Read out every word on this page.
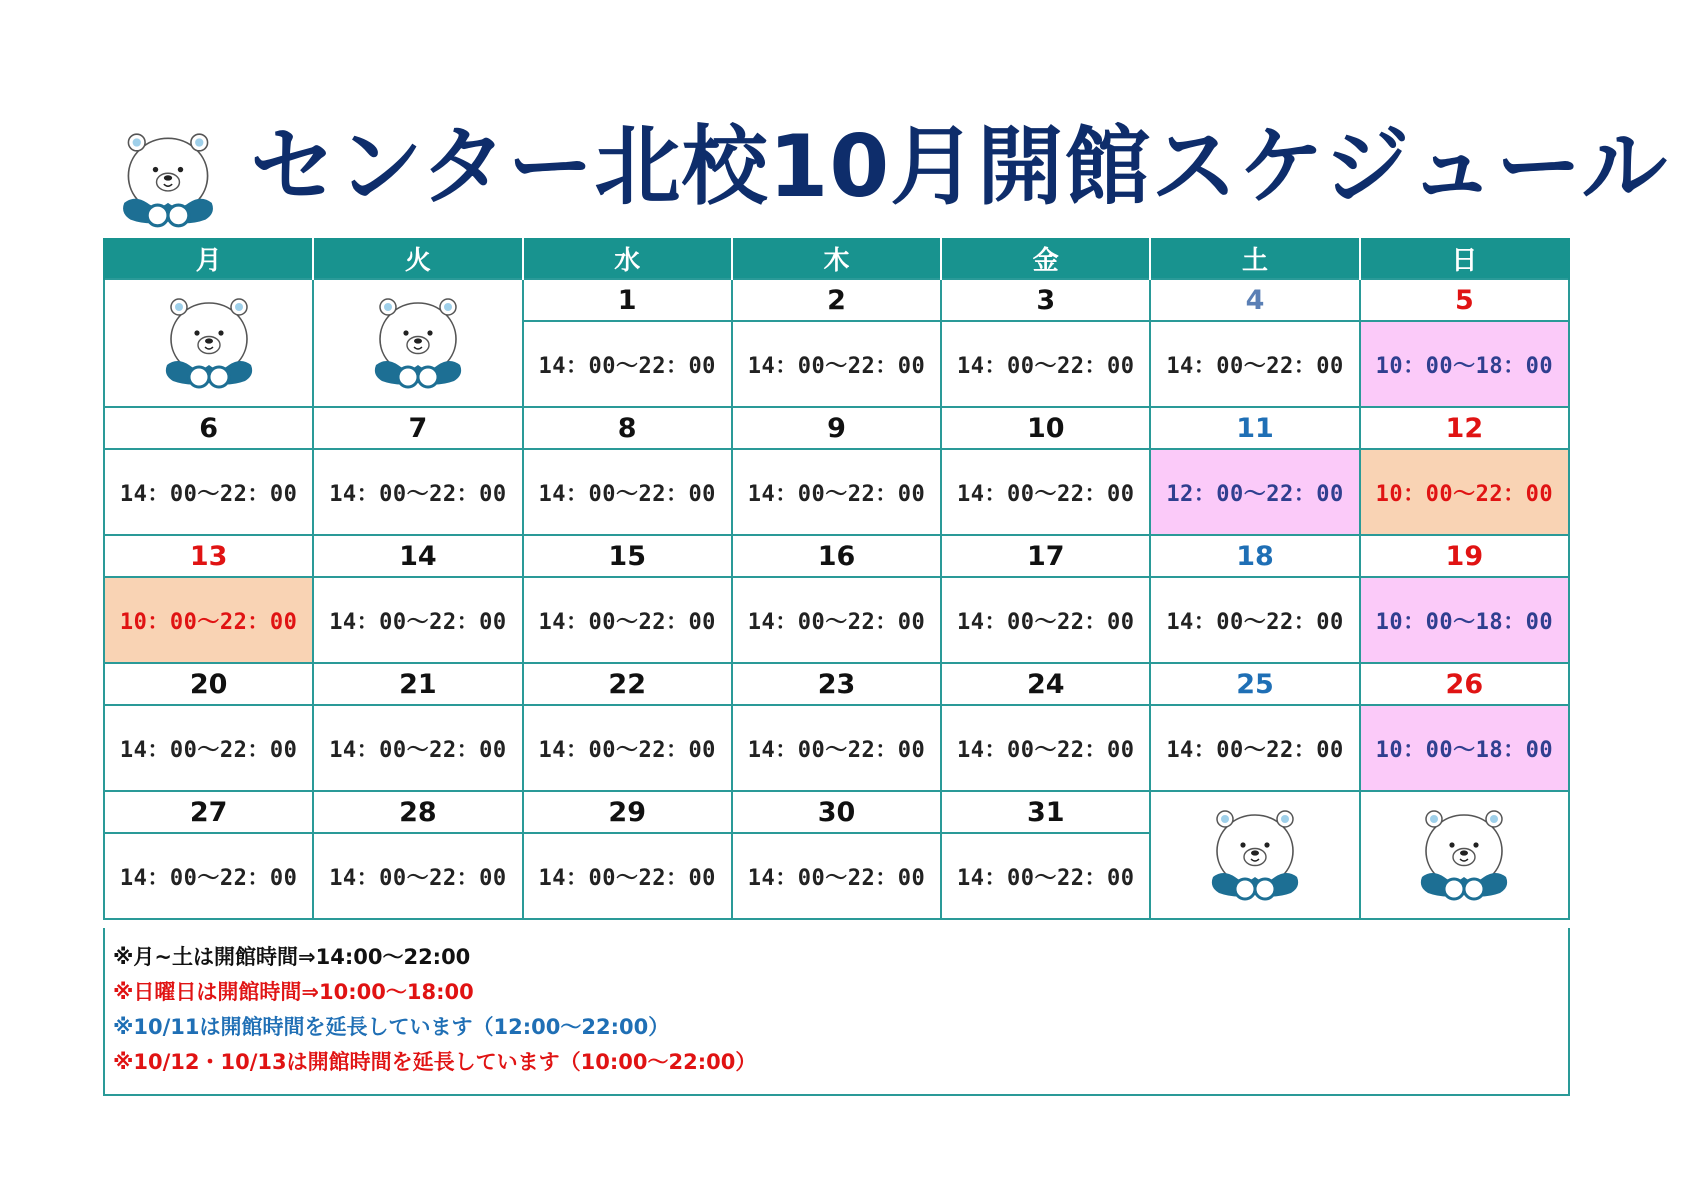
センター北校10月開館スケジュール
月	火	水	木	金	土	日
		1	2	3	4	5
		14：00～22：00	14：00～22：00	14：00～22：00	14：00～22：00	10：00～18：00
6	7	8	9	10	11	12
14：00～22：00	14：00～22：00	14：00～22：00	14：00～22：00	14：00～22：00	12：00～22：00	10：00～22：00
13	14	15	16	17	18	19
10：00～22：00	14：00～22：00	14：00～22：00	14：00～22：00	14：00～22：00	14：00～22：00	10：00～18：00
20	21	22	23	24	25	26
14：00～22：00	14：00～22：00	14：00～22：00	14：00～22：00	14：00～22：00	14：00～22：00	10：00～18：00
27	28	29	30	31		
14：00～22：00	14：00～22：00	14：00～22：00	14：00～22：00	14：00～22：00		
※月~土は開館時間⇒14:00～22:00
※日曜日は開館時間⇒10:00～18:00
※10/11は開館時間を延長しています（12:00～22:00）
※10/12・10/13は開館時間を延長しています（10:00～22:00）
